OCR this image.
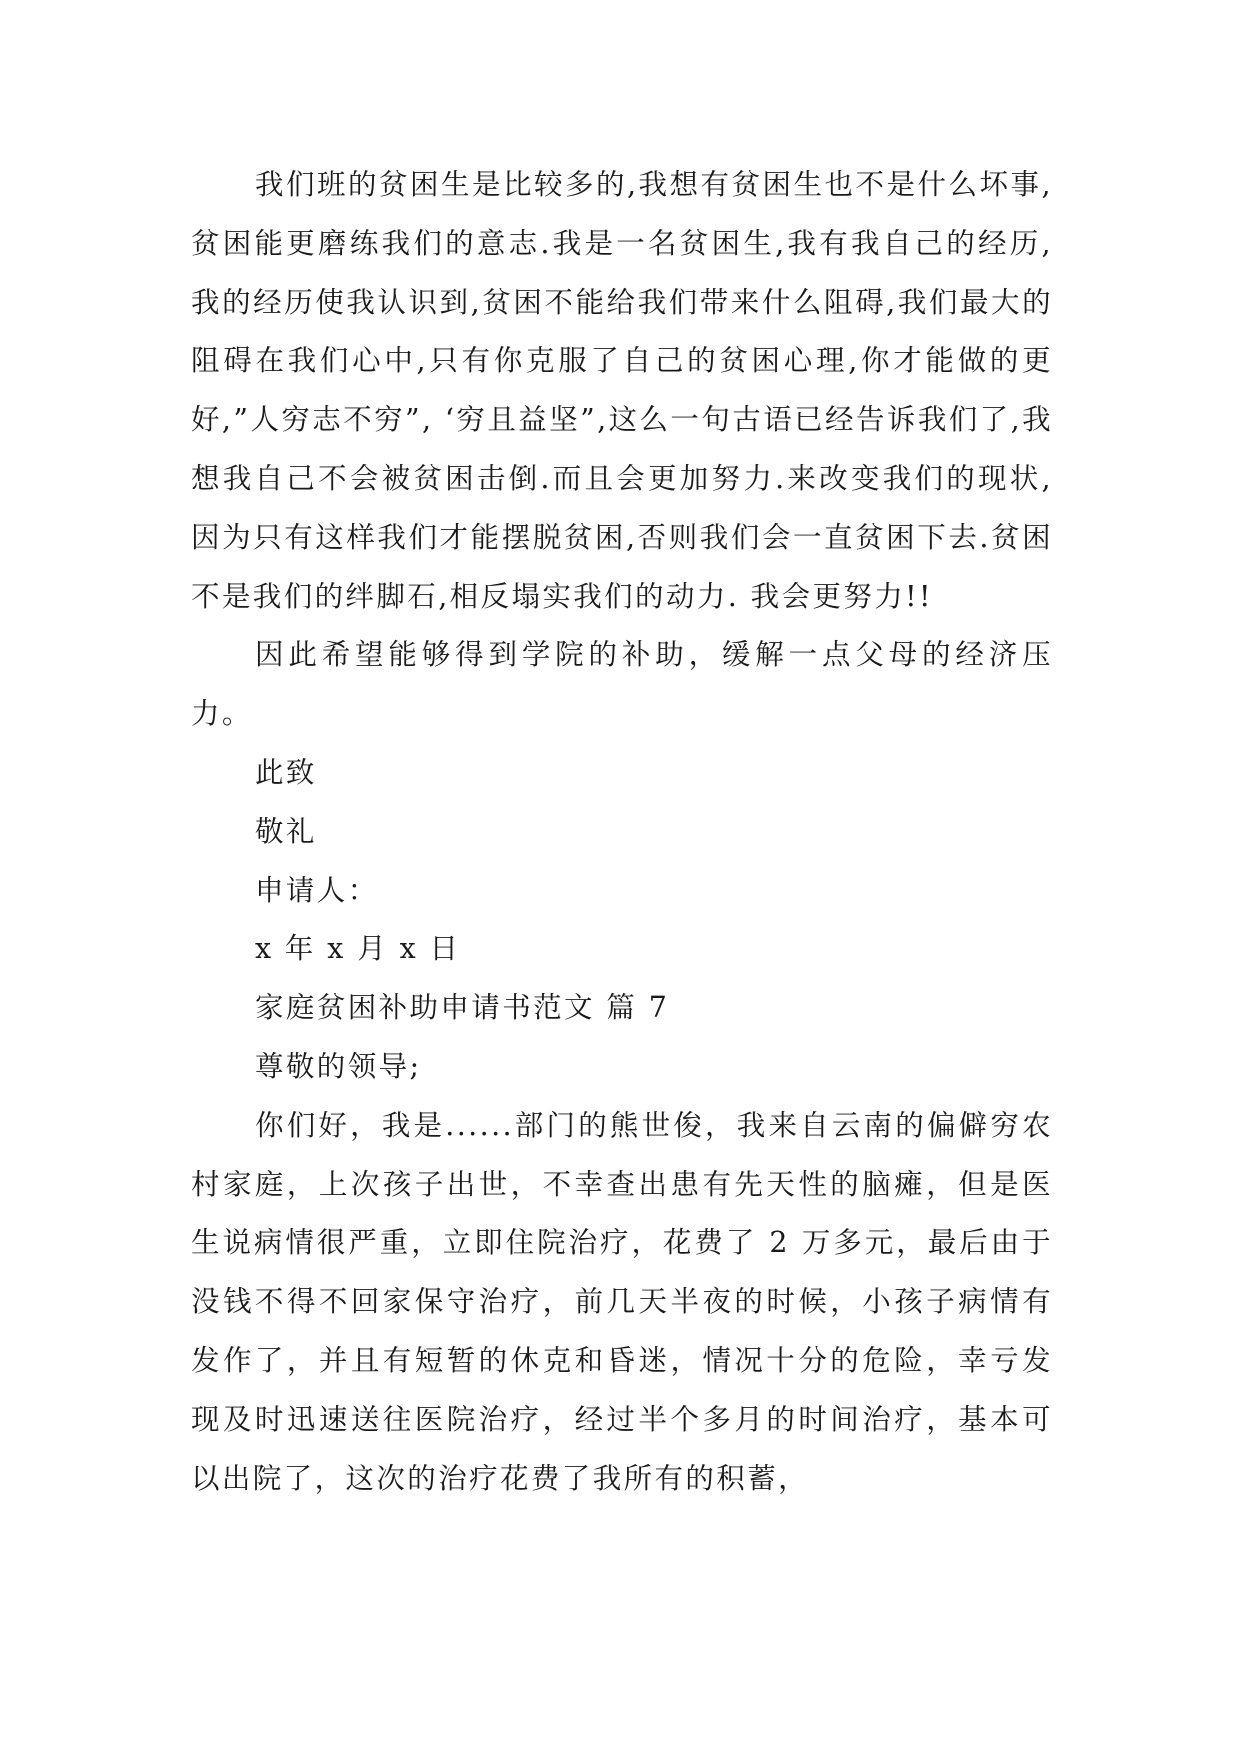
我们班的贫困生是比较多的,我想有贫困生也不是什么坏事,贫困能更磨练我们的意志.我是一名贫困生,我有我自己的经历,我的经历使我认识到,贫困不能给我们带来什么阻碍,我们最大的阻碍在我们心中,只有你克服了自己的贫困心理,你才能做的更好,”人穷志不穷”, ‘穷且益坚”,这么一句古语已经告诉我们了,我想我自己不会被贫困击倒.而且会更加努力.来改变我们的现状,因为只有这样我们才能摆脱贫困,否则我们会一直贫困下去.贫困不是我们的绊脚石,相反塌实我们的动力. 我会更努力!!

因此希望能够得到学院的补助，缓解一点父母的经济压力。

此致

敬礼

申请人：

x 年 x 月 x 日

家庭贫困补助申请书范文 篇 7

尊敬的领导;

你们好，我是......部门的熊世俊，我来自云南的偏僻穷农村家庭，上次孩子出世，不幸查出患有先天性的脑瘫，但是医生说病情很严重，立即住院治疗，花费了 2 万多元，最后由于没钱不得不回家保守治疗，前几天半夜的时候，小孩子病情有发作了，并且有短暂的休克和昏迷，情况十分的危险，幸亏发现及时迅速送往医院治疗，经过半个多月的时间治疗，基本可以出院了，这次的治疗花费了我所有的积蓄，
